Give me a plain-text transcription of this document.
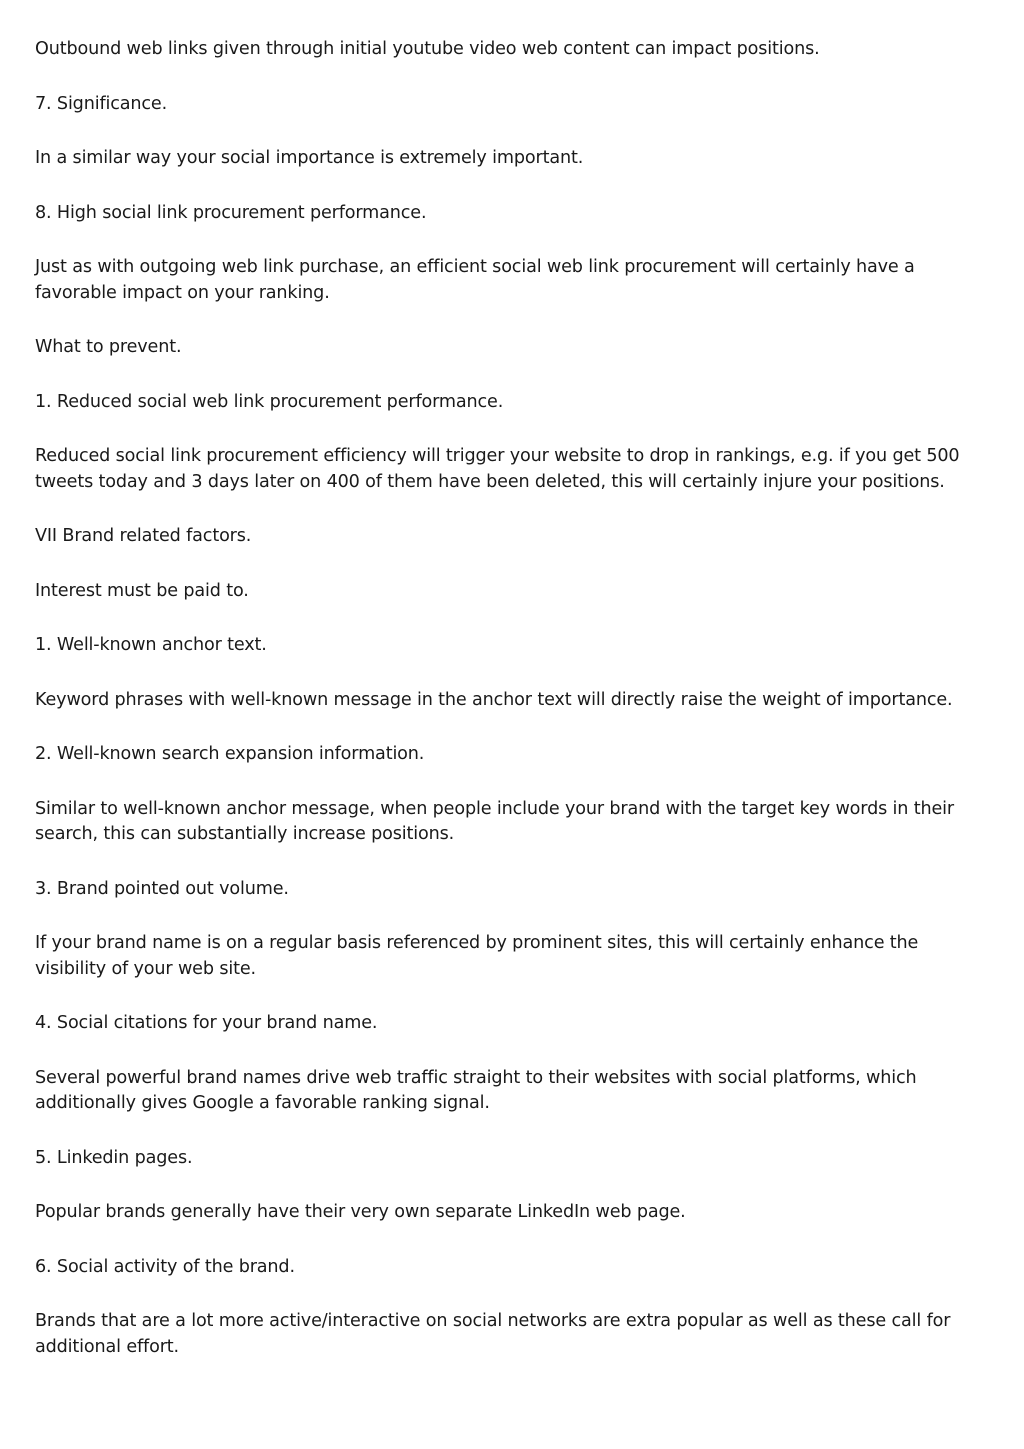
Outbound web links given through initial youtube video web content can impact positions.

7. Significance.

In a similar way your social importance is extremely important.

8. High social link procurement performance.

Just as with outgoing web link purchase, an efficient social web link procurement will certainly have a favorable impact on your ranking.

What to prevent.

1. Reduced social web link procurement performance.

Reduced social link procurement efficiency will trigger your website to drop in rankings, e.g. if you get 500 tweets today and 3 days later on 400 of them have been deleted, this will certainly injure your positions.

VII Brand related factors.

Interest must be paid to.

1. Well-known anchor text.

Keyword phrases with well-known message in the anchor text will directly raise the weight of importance.

2. Well-known search expansion information.

Similar to well-known anchor message, when people include your brand with the target key words in their search, this can substantially increase positions.

3. Brand pointed out volume.

If your brand name is on a regular basis referenced by prominent sites, this will certainly enhance the visibility of your web site.

4. Social citations for your brand name.

Several powerful brand names drive web traffic straight to their websites with social platforms, which additionally gives Google a favorable ranking signal.

5. Linkedin pages.

Popular brands generally have their very own separate LinkedIn web page.

6. Social activity of the brand.

Brands that are a lot more active/interactive on social networks are extra popular as well as these call for additional effort.
